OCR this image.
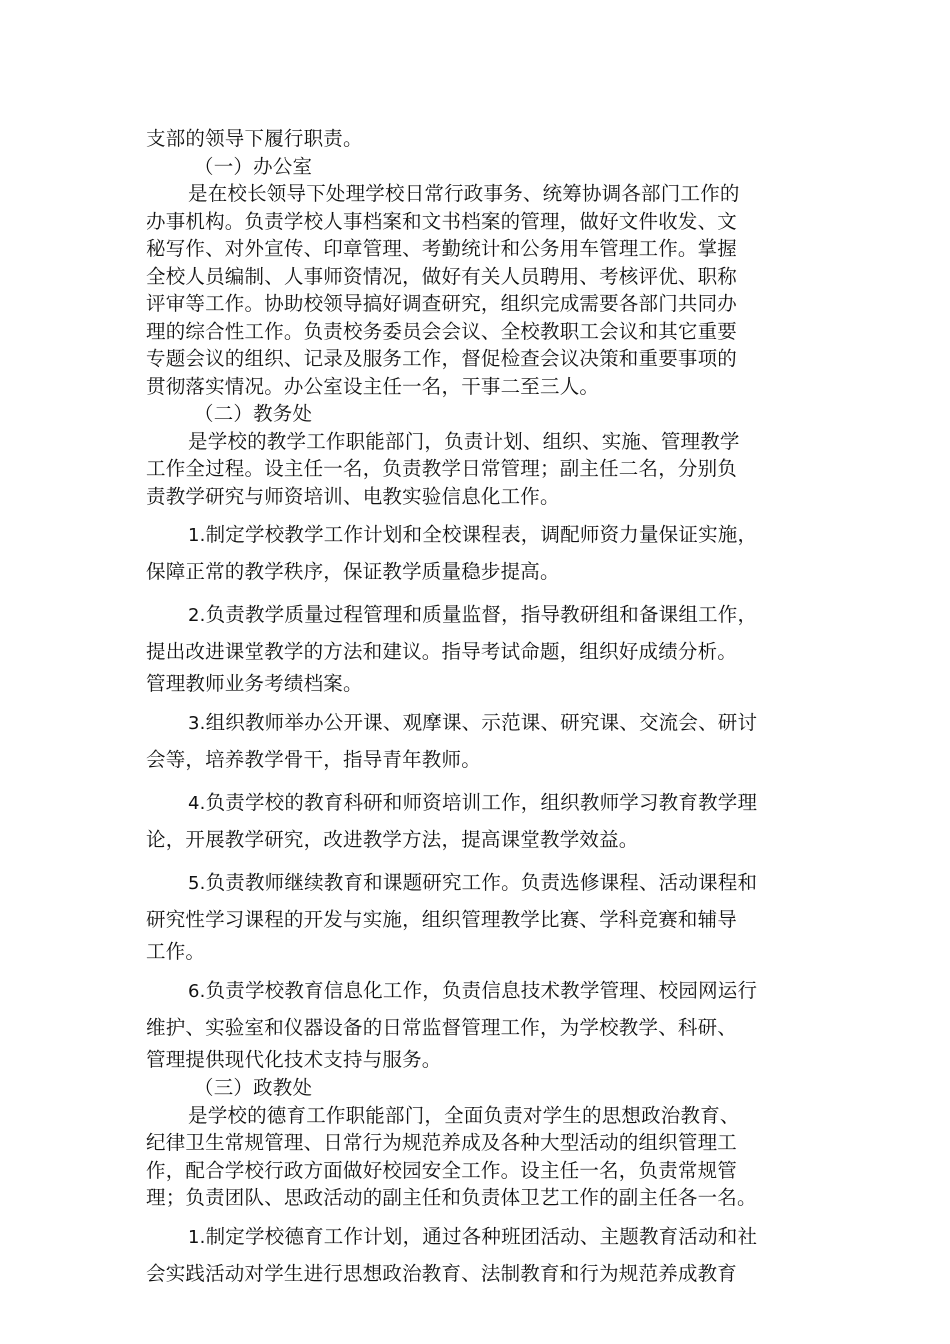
支部的领导下履行职责。
（一）办公室
是在校长领导下处理学校日常行政事务、统筹协调各部门工作的
办事机构。负责学校人事档案和文书档案的管理，做好文件收发、文
秘写作、对外宣传、印章管理、考勤统计和公务用车管理工作。掌握
全校人员编制、人事师资情况，做好有关人员聘用、考核评优、职称
评审等工作。协助校领导搞好调查研究，组织完成需要各部门共同办
理的综合性工作。负责校务委员会会议、全校教职工会议和其它重要
专题会议的组织、记录及服务工作，督促检查会议决策和重要事项的
贯彻落实情况。办公室设主任一名，干事二至三人。
（二）教务处
是学校的教学工作职能部门，负责计划、组织、实施、管理教学
工作全过程。设主任一名，负责教学日常管理；副主任二名，分别负
责教学研究与师资培训、电教实验信息化工作。
1.制定学校教学工作计划和全校课程表，调配师资力量保证实施，
保障正常的教学秩序，保证教学质量稳步提高。
2.负责教学质量过程管理和质量监督，指导教研组和备课组工作，
提出改进课堂教学的方法和建议。指导考试命题，组织好成绩分析。
管理教师业务考绩档案。
3.组织教师举办公开课、观摩课、示范课、研究课、交流会、研讨
会等，培养教学骨干，指导青年教师。
4.负责学校的教育科研和师资培训工作，组织教师学习教育教学理
论，开展教学研究，改进教学方法，提高课堂教学效益。
5.负责教师继续教育和课题研究工作。负责选修课程、活动课程和
研究性学习课程的开发与实施，组织管理教学比赛、学科竞赛和辅导
工作。
6.负责学校教育信息化工作，负责信息技术教学管理、校园网运行
维护、实验室和仪器设备的日常监督管理工作，为学校教学、科研、
管理提供现代化技术支持与服务。
（三）政教处
是学校的德育工作职能部门，全面负责对学生的思想政治教育、
纪律卫生常规管理、日常行为规范养成及各种大型活动的组织管理工
作，配合学校行政方面做好校园安全工作。设主任一名，负责常规管
理；负责团队、思政活动的副主任和负责体卫艺工作的副主任各一名。
1.制定学校德育工作计划，通过各种班团活动、主题教育活动和社
会实践活动对学生进行思想政治教育、法制教育和行为规范养成教育
